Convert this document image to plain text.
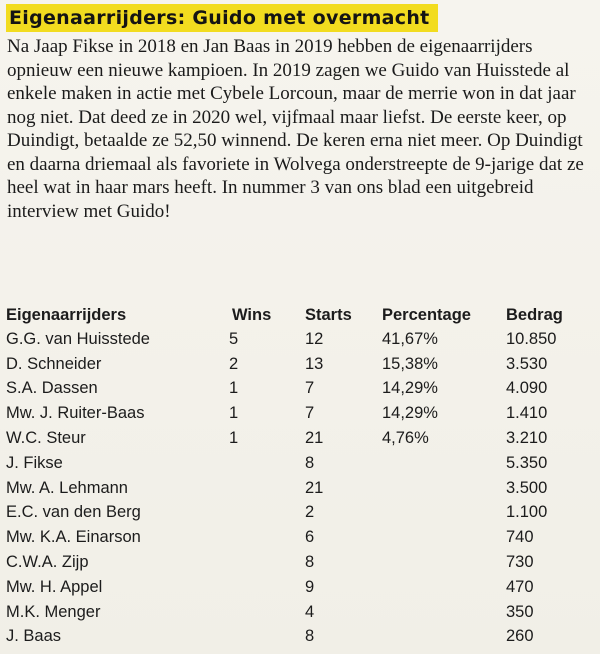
Eigenaarrijders: Guido met overmacht

Na Jaap Fikse in 2018 en Jan Baas in 2019 hebben de eigenaarrijders opnieuw een nieuwe kampioen. In 2019 zagen we Guido van Huisstede al enkele maken in actie met Cybele Lorcoun, maar de merrie won in dat jaar nog niet. Dat deed ze in 2020 wel, vijfmaal maar liefst. De eerste keer, op Duindigt, betaalde ze 52,50 winnend. De keren erna niet meer. Op Duindigt en daarna driemaal als favoriete in Wolvega onderstreepte de 9-jarige dat ze heel wat in haar mars heeft. In nummer 3 van ons blad een uitgebreid interview met Guido!

Eigenaarrijders	Wins	Starts	Percentage	Bedrag
G.G. van Huisstede	5	12	41,67%	10.850
D. Schneider	2	13	15,38%	3.530
S.A. Dassen	1	7	14,29%	4.090
Mw. J. Ruiter-Baas	1	7	14,29%	1.410
W.C. Steur	1	21	4,76%	3.210
J. Fikse		8		5.350
Mw. A. Lehmann		21		3.500
E.C. van den Berg		2		1.100
Mw. K.A. Einarson		6		740
C.W.A. Zijp		8		730
Mw. H. Appel		9		470
M.K. Menger		4		350
J. Baas		8		260
